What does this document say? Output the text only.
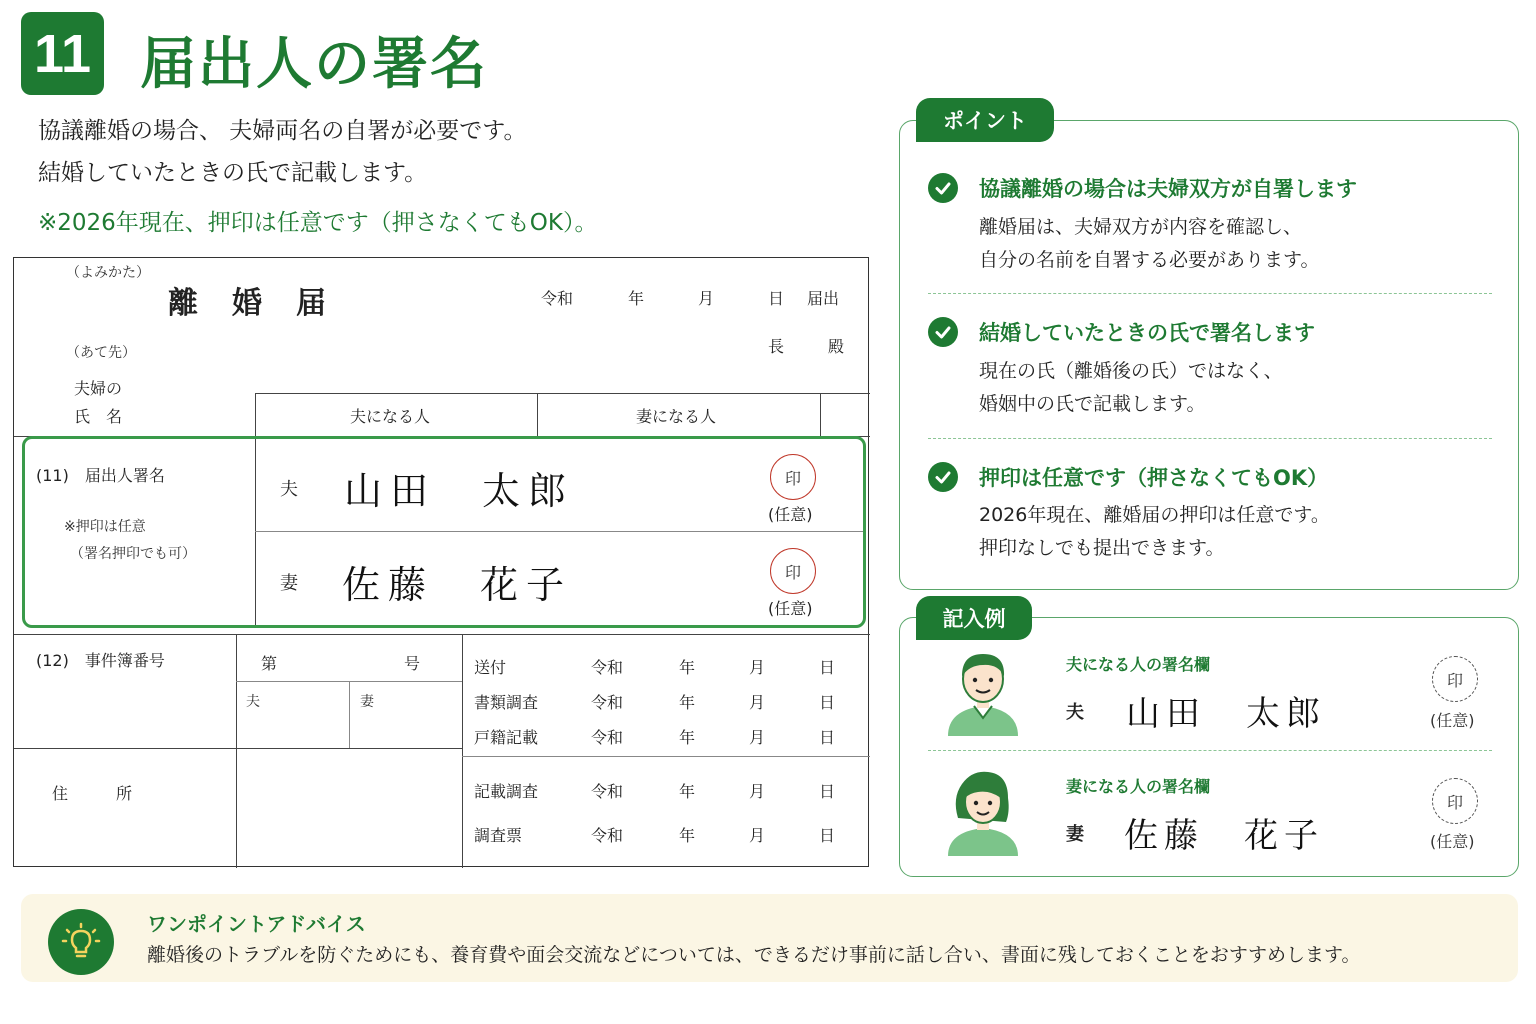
11 届出人の署名
協議離婚の場合、 夫婦両名の自署が必要です。
結婚していたときの氏で記載します。
※2026年現在、押印は任意です（押さなくてもOK）。
（よみかた）
離　婚　届	令和	年	月	日 届出
長	殿
（あて先）
夫婦の
氏　名	夫になる人	妻になる人
(11)　届出人署名
※押印は任意
（署名押印でも可）
夫 山田　太郎	印
(任意)
妻 佐藤　花子	印
(任意)
(12)　事件簿番号	第	号
夫	妻
住　　　所
送付	令和	年	月	日
書類調査	令和	年	月	日
戸籍記載	令和	年	月	日
記載調査	令和	年	月	日
調査票	令和	年	月	日
ポイント
協議離婚の場合は夫婦双方が自署します
離婚届は、夫婦双方が内容を確認し、
自分の名前を自署する必要があります。
結婚していたときの氏で署名します
現在の氏（離婚後の氏）ではなく、
婚姻中の氏で記載します。
押印は任意です（押さなくてもOK）
2026年現在、離婚届の押印は任意です。
押印なしでも提出できます。
記入例
夫になる人の署名欄
夫 山田　太郎
印
(任意)
妻になる人の署名欄
妻 佐藤　花子
印
(任意)
ワンポイントアドバイス
離婚後のトラブルを防ぐためにも、養育費や面会交流などについては、できるだけ事前に話し合い、書面に残しておくことをおすすめします。
